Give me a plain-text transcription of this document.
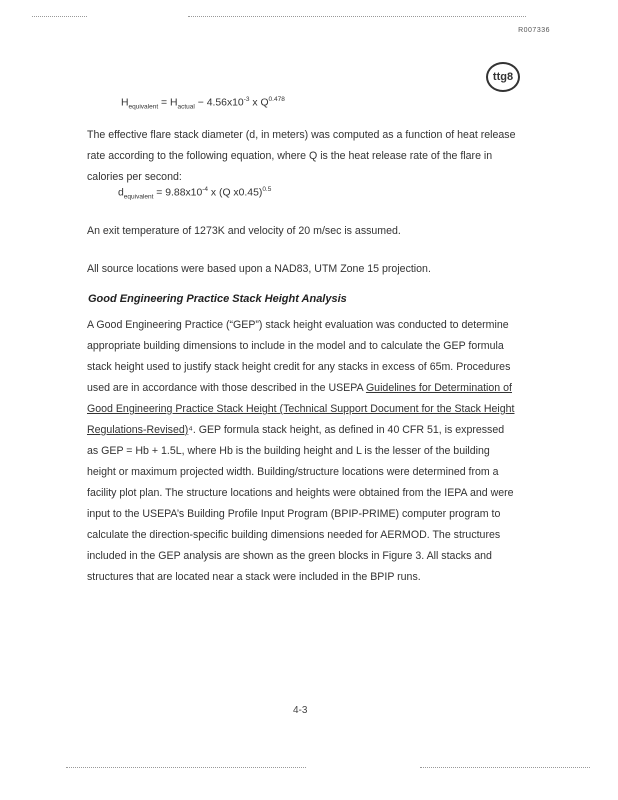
R007336
ttg8
$H_{equivalent} = H_{actual} - 4.56x10^{-3}$ x $Q^{0.478}$

The effective flare stack diameter (d, in meters) was computed as a function of heat release rate according to the following equation, where Q is the heat release rate of the flare in calories per second:

$d_{equivalent} = 9.88x10^{-4}$ x (Q x0.45)$^{0.5}$

An exit temperature of 1273K and velocity of 20 m/sec is assumed.

All source locations were based upon a NAD83, UTM Zone 15 projection.

Good Engineering Practice Stack Height Analysis

A Good Engineering Practice (“GEP”) stack height evaluation was conducted to determine appropriate building dimensions to include in the model and to calculate the GEP formula stack height used to justify stack height credit for any stacks in excess of 65m. Procedures used are in accordance with those described in the USEPA Guidelines for Determination of Good Engineering Practice Stack Height (Technical Support Document for the Stack Height Regulations-Revised)⁴. GEP formula stack height, as defined in 40 CFR 51, is expressed as GEP = Hb + 1.5L, where Hb is the building height and L is the lesser of the building height or maximum projected width. Building/structure locations were determined from a facility plot plan. The structure locations and heights were obtained from the IEPA and were input to the USEPA’s Building Profile Input Program (BPIP-PRIME) computer program to calculate the direction-specific building dimensions needed for AERMOD. The structures included in the GEP analysis are shown as the green blocks in Figure 3. All stacks and structures that are located near a stack were included in the BPIP runs.

4-3
